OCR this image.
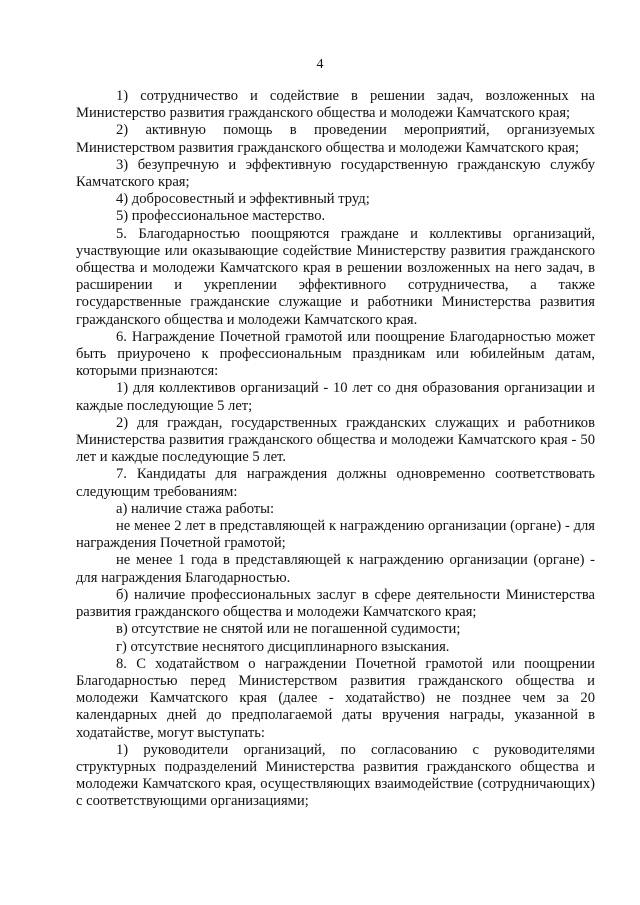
4

1) сотрудничество и содействие в решении задач, возложенных на Министерство развития гражданского общества и молодежи Камчатского края;

2) активную помощь в проведении мероприятий, организуемых Министерством развития гражданского общества и молодежи Камчатского края;

3) безупречную и эффективную государственную гражданскую службу Камчатского края;

4) добросовестный и эффективный труд;

5) профессиональное мастерство.

5. Благодарностью поощряются граждане и коллективы организаций, участвующие или оказывающие содействие Министерству развития гражданского общества и молодежи Камчатского края в решении возложенных на него задач, в расширении и укреплении эффективного сотрудничества, а также государственные гражданские служащие и работники Министерства развития гражданского общества и молодежи Камчатского края.

6. Награждение Почетной грамотой или поощрение Благодарностью может быть приурочено к профессиональным праздникам или юбилейным датам, которыми признаются:

1) для коллективов организаций - 10 лет со дня образования организации и каждые последующие 5 лет;

2) для граждан, государственных гражданских служащих и работников Министерства развития гражданского общества и молодежи Камчатского края - 50 лет и каждые последующие 5 лет.

7. Кандидаты для награждения должны одновременно соответствовать следующим требованиям:

а) наличие стажа работы:

не менее 2 лет в представляющей к награждению организации (органе) - для награждения Почетной грамотой;

не менее 1 года в представляющей к награждению организации (органе) - для награждения Благодарностью.

б) наличие профессиональных заслуг в сфере деятельности Министерства развития гражданского общества и молодежи Камчатского края;

в) отсутствие не снятой или не погашенной судимости;

г) отсутствие неснятого дисциплинарного взыскания.

8. С ходатайством о награждении Почетной грамотой или поощрении Благодарностью перед Министерством развития гражданского общества и молодежи Камчатского края (далее - ходатайство) не позднее чем за 20 календарных дней до предполагаемой даты вручения награды, указанной в ходатайстве, могут выступать:

1) руководители организаций, по согласованию с руководителями структурных подразделений Министерства развития гражданского общества и молодежи Камчатского края, осуществляющих взаимодействие (сотрудничающих) с соответствующими организациями;
